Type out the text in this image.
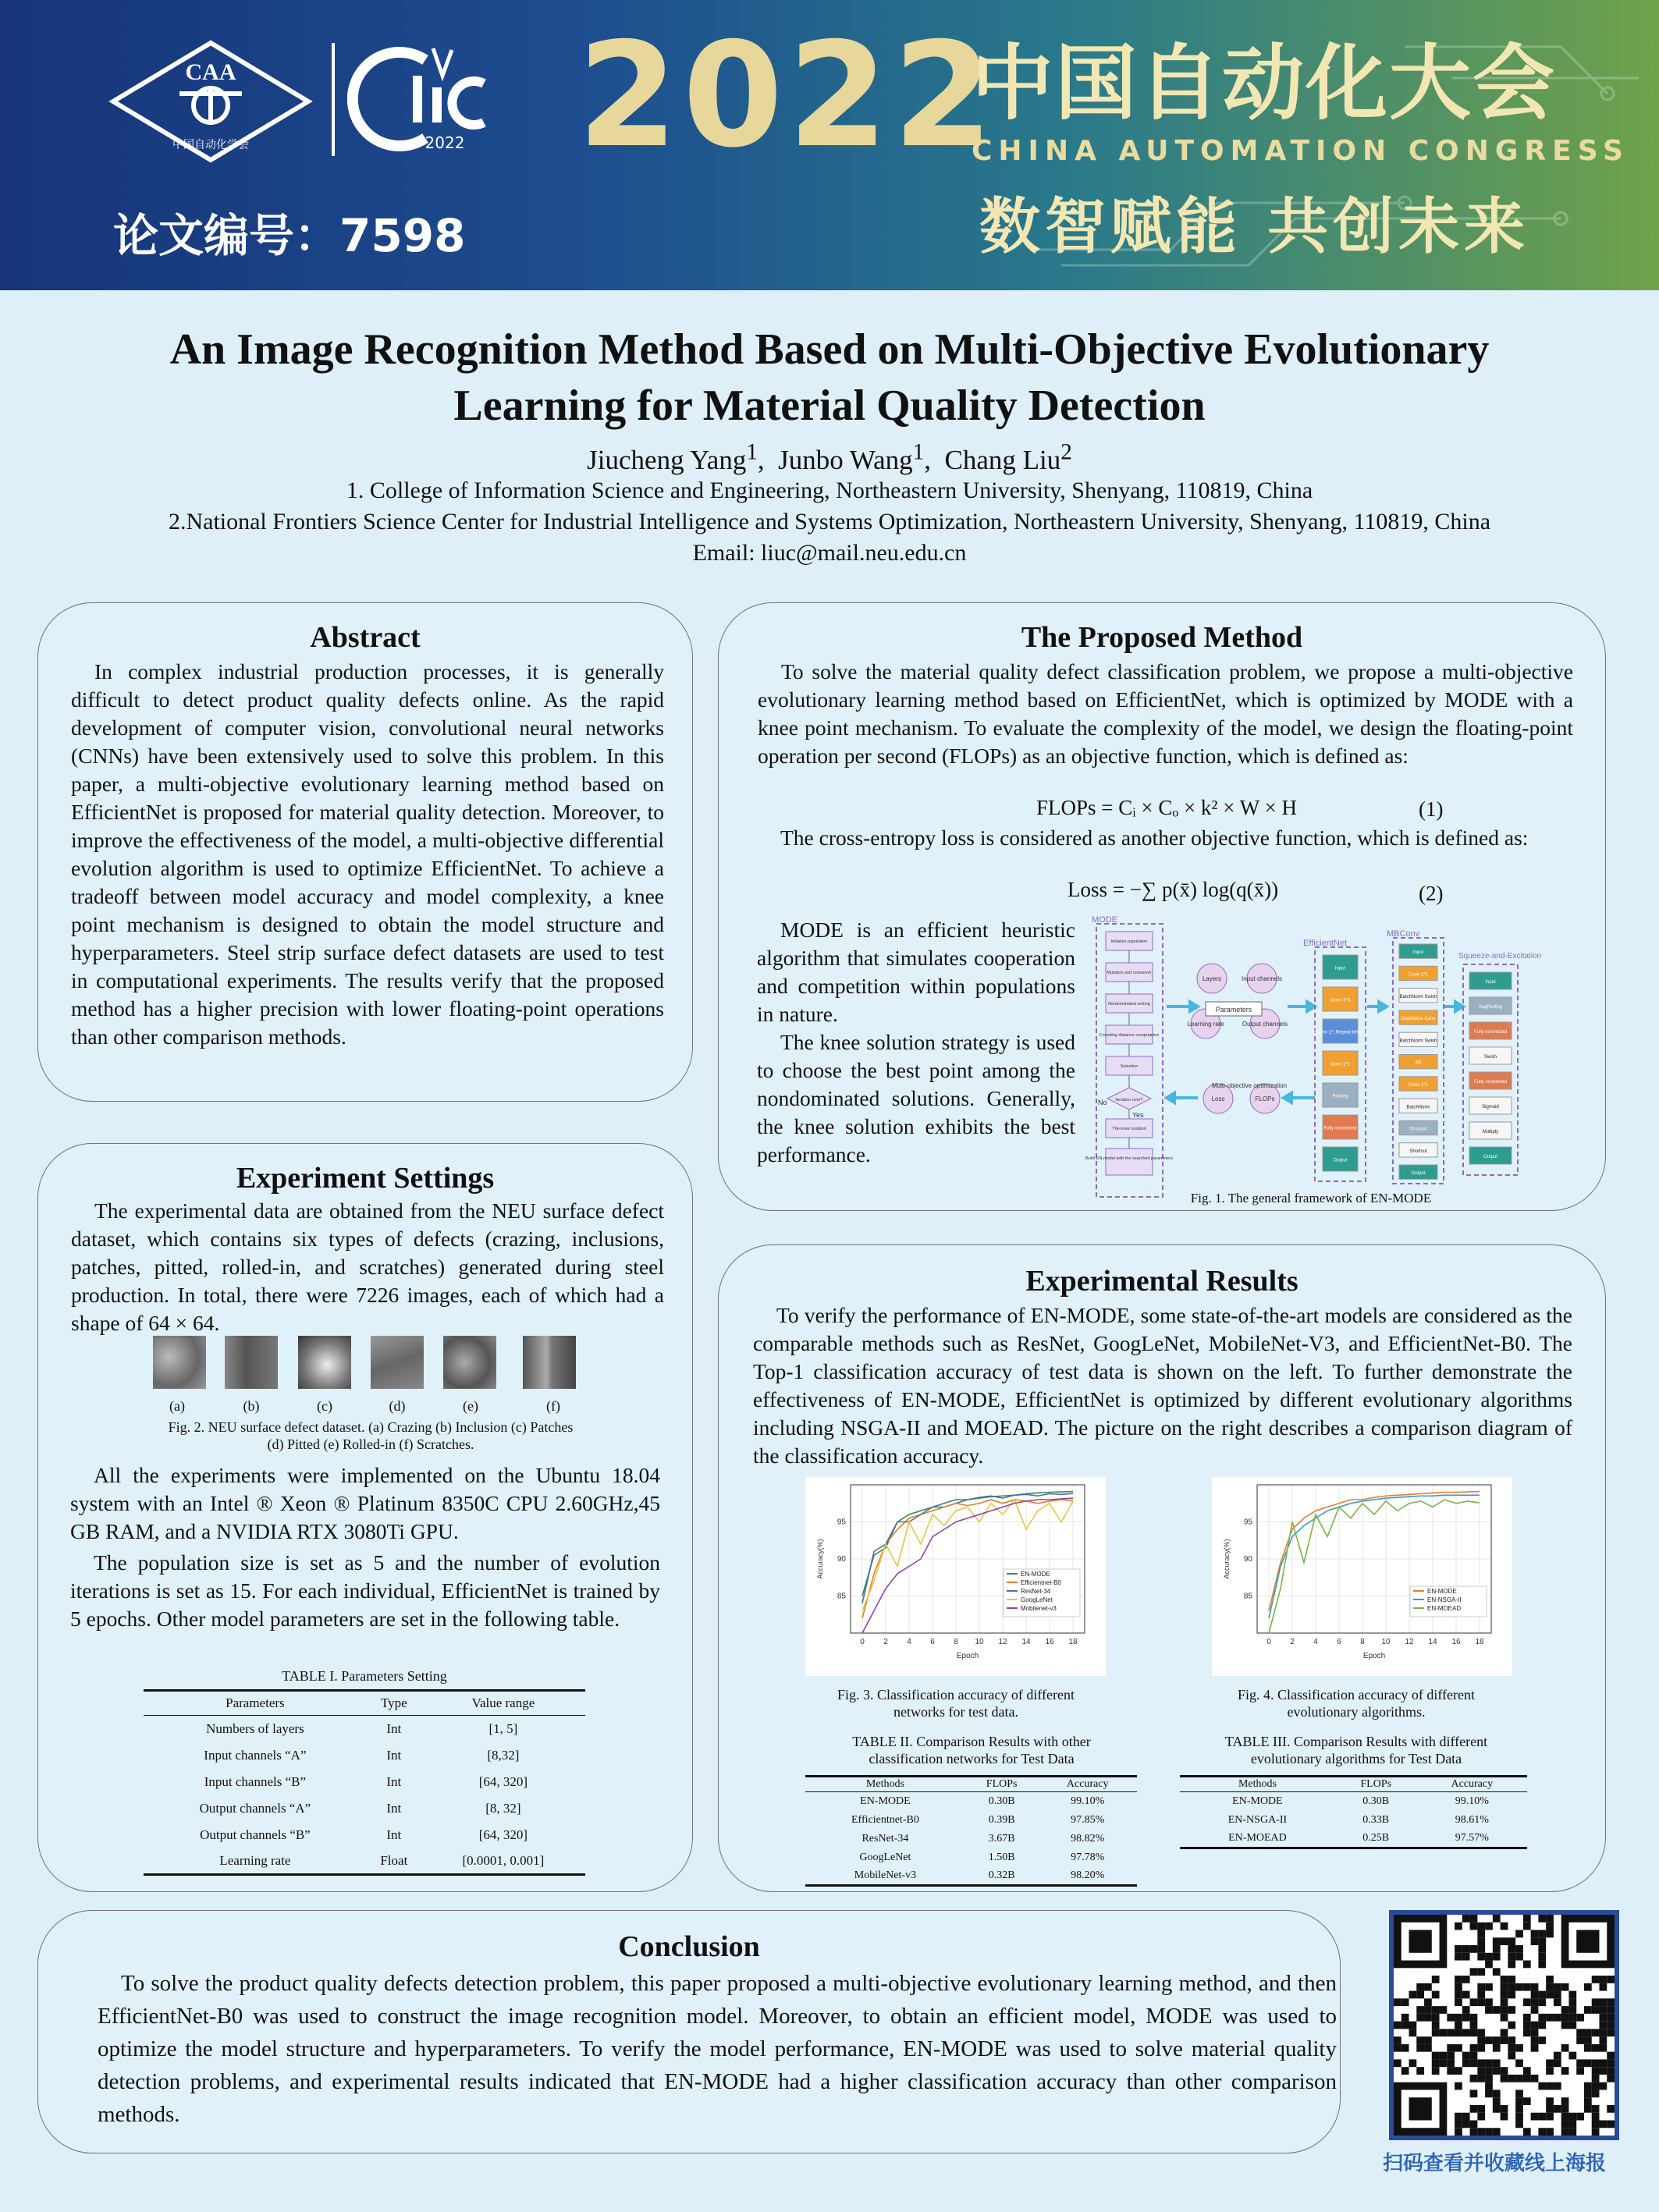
CAA
中国自动化学会	2022 2022
中国自动化大会
CHINA AUTOMATION CONGRESS
数智赋能 共创未来
论文编号：7598
An Image Recognition Method Based on Multi-Objective Evolutionary
Learning for Material Quality Detection
Jiucheng Yang$^1$,  Junbo Wang$^1$,  Chang Liu$^2$
1. College of Information Science and Engineering, Northeastern University, Shenyang, 110819, China
2.National Frontiers Science Center for Industrial Intelligence and Systems Optimization, Northeastern University, Shenyang, 110819, China
Email: liuc@mail.neu.edu.cn
Abstract

In complex industrial production processes, it is generally difficult to detect product quality defects online. As the rapid development of computer vision, convolutional neural networks (CNNs) have been extensively used to solve this problem. In this paper, a multi-objective evolutionary learning method based on EfficientNet is proposed for material quality detection. Moreover, to improve the effectiveness of the model, a multi-objective differential evolution algorithm is used to optimize EfficientNet. To achieve a tradeoff between model accuracy and model complexity, a knee point mechanism is designed to obtain the model structure and hyperparameters. Steel strip surface defect datasets are used to test in computational experiments. The results verify that the proposed method has a higher precision with lower floating-point operations than other comparison methods.

Experiment Settings

The experimental data are obtained from the NEU surface defect dataset, which contains six types of defects (crazing, inclusions, patches, pitted, rolled-in, and scratches) generated during steel production. In total, there were 7226 images, each of which had a shape of 64 × 64.

(a)	(b)	(c)	(d)	(e)	(f)
Fig. 2. NEU surface defect dataset. (a) Crazing (b) Inclusion (c) Patches (d) Pitted (e) Rolled-in (f) Scratches.

All the experiments were implemented on the Ubuntu 18.04 system with an Intel ® Xeon ® Platinum 8350C CPU 2.60GHz,45 GB RAM, and a NVIDIA RTX 3080Ti GPU.

The population size is set as 5 and the number of evolution iterations is set as 15. For each individual, EfficientNet is trained by 5 epochs. Other model parameters are set in the following table.

TABLE I. Parameters Setting
Parameters	Type	Value range
Numbers of layers	Int	[1, 5]
Input channels “A”	Int	[8,32]
Input channels “B”	Int	[64, 320]
Output channels “A”	Int	[8, 32]
Output channels “B”	Int	[64, 320]
Learning rate	Float	[0.0001, 0.001]
The Proposed Method

To solve the material quality defect classification problem, we propose a multi-objective evolutionary learning method based on EfficientNet, which is optimized by MODE with a knee point mechanism. To evaluate the complexity of the model, we design the floating-point operation per second (FLOPs) as an objective function, which is defined as:

FLOPs = Cᵢ × Cₒ × k² × W × H	(1)

The cross-entropy loss is considered as another objective function, which is defined as:

Loss = −∑ p(x̄) log(q(x̄))	(2)

MODE is an efficient heuristic algorithm that simulates cooperation and competition within populations in nature.

The knee solution strategy is used to choose the best point among the nondominated solutions. Generally, the knee solution exhibits the best performance.

MODE
Initialize population
Mutation and crossover
Nondominated sorting
Crowding distance computation
Selection
Iteration over?
The knee solution
Build EN model with the searched parameters
No
Yes
Layers	Input channels
Learning rate	Output channels
Loss	FLOPs
Multi-objective optimization
Parameters
EfficientNet
Input
Conv 3*3
MBConv 1*, Repeat times 1,2
Conv 1*1
Pooling
Fully connected
Output
MBConv
Input
Conv 1*1
BatchNorm Swish
Depthwise Conv
BatchNorm Swish
SE
Conv 1*1
BatchNorm
Dropout
Shortcut
Output
Squeeze-and-Excitation
Input
AvgPooling
Fully connected
Swish
Fully connected
Sigmoid
Multiply
Output
Fig. 1. The general framework of EN-MODE
Experimental Results

To verify the performance of EN-MODE, some state-of-the-art models are considered as the comparable methods such as ResNet, GoogLeNet, MobileNet-V3, and EfficientNet-B0. The Top-1 classification accuracy of test data is shown on the left. To further demonstrate the effectiveness of EN-MODE, EfficientNet is optimized by different evolutionary algorithms including NSGA-II and MOEAD. The picture on the right describes a comparison diagram of the classification accuracy.

0 2 4 6 8 10 12 14 16 18
85
90
95
Epoch
Accuracy(%)	EN-MODE
Efficientnet-B0
ResNet-34
GoogLeNet
Mobilenet-v3
0 2 4 6 8 10 12 14 16 18
85
90
95
Epoch
Accuracy(%)
EN-MODE
EN-NSGA-II
EN-MOEAD
Fig. 3. Classification accuracy of different networks for test data.
Fig. 4. Classification accuracy of different evolutionary algorithms.
TABLE II. Comparison Results with other classification networks for Test Data
TABLE III. Comparison Results with different evolutionary algorithms for Test Data
Methods	FLOPs	Accuracy
EN-MODE	0.30B	99.10%
Efficientnet-B0	0.39B	97.85%
ResNet-34	3.67B	98.82%
GoogLeNet	1.50B	97.78%
MobileNet-v3	0.32B	98.20%
Methods	FLOPs	Accuracy
EN-MODE	0.30B	99.10%
EN-NSGA-II	0.33B	98.61%
EN-MOEAD	0.25B	97.57%
Conclusion

To solve the product quality defects detection problem, this paper proposed a multi-objective evolutionary learning method, and then EfficientNet-B0 was used to construct the image recognition model. Moreover, to obtain an efficient model, MODE was used to optimize the model structure and hyperparameters. To verify the model performance, EN-MODE was used to solve material quality detection problems, and experimental results indicated that EN-MODE had a higher classification accuracy than other comparison methods.

扫码查看并收藏线上海报
